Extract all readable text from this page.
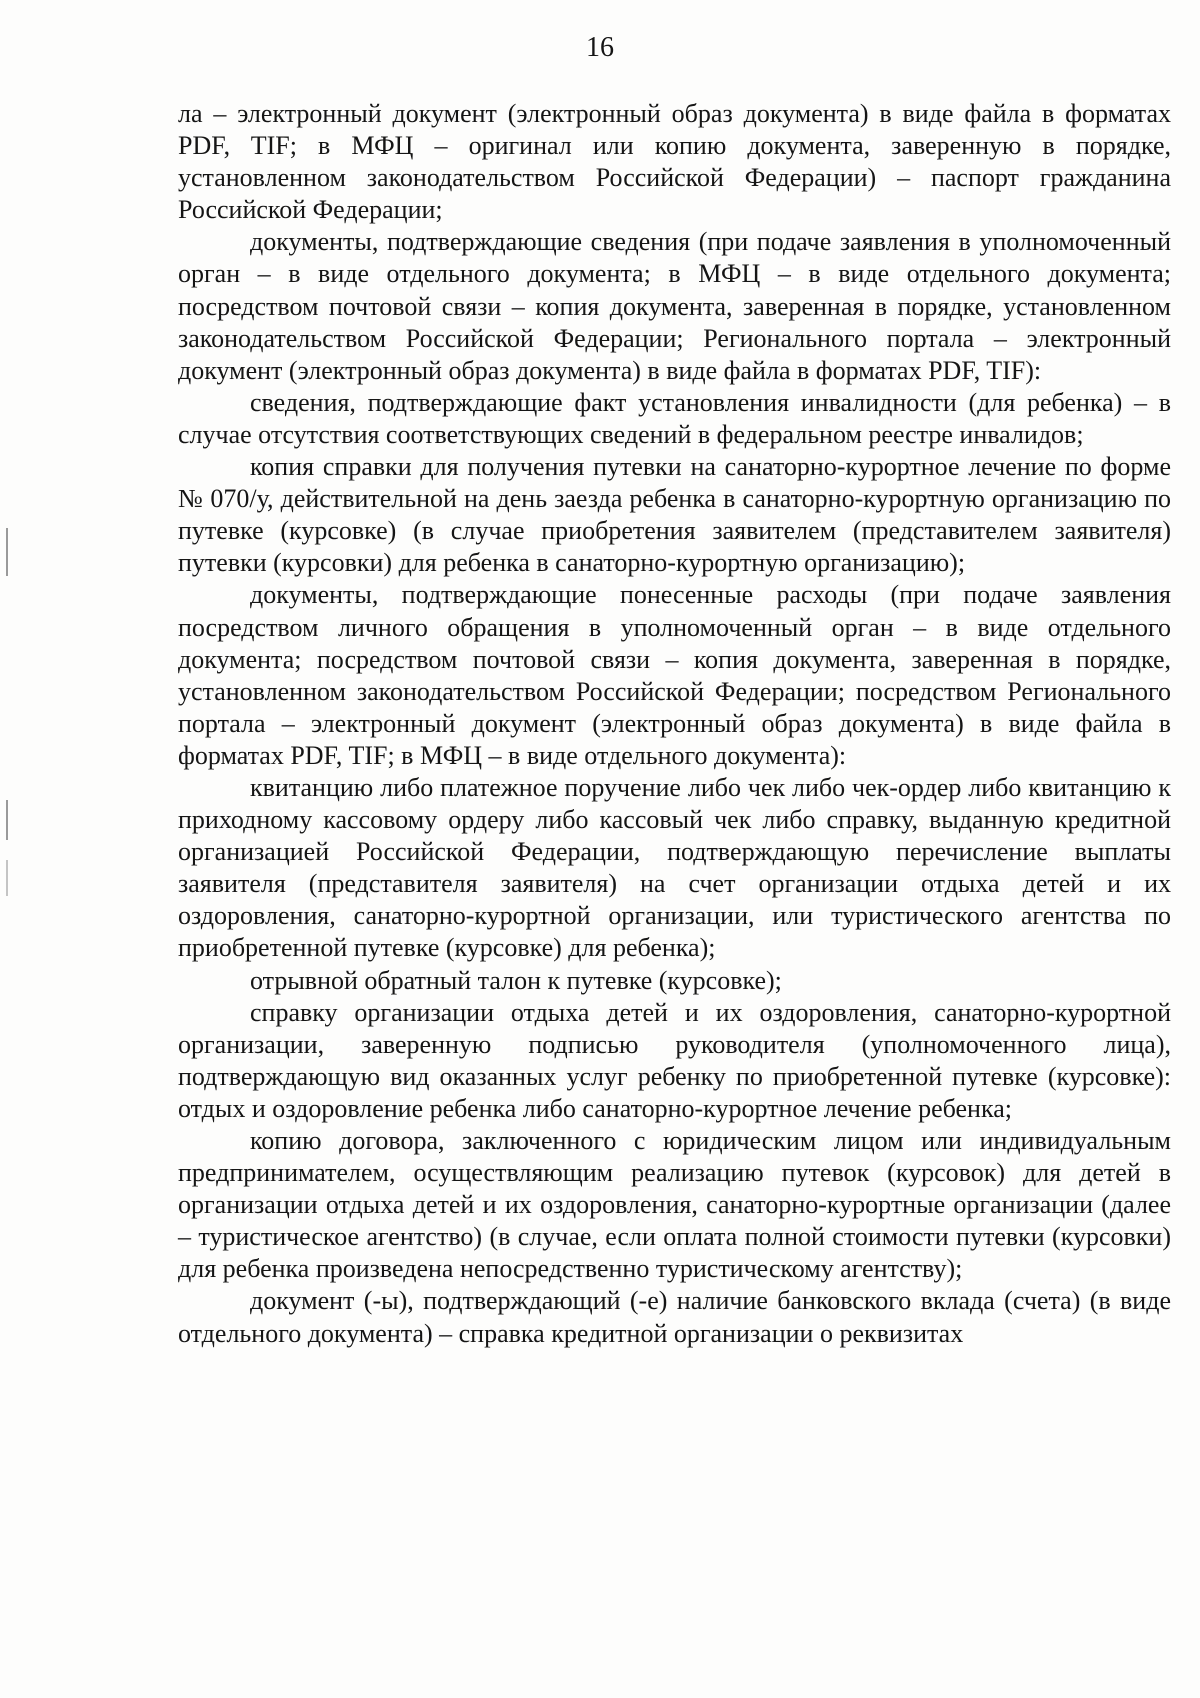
16

ла – электронный документ (электронный образ документа) в виде файла в форматах PDF, TIF; в МФЦ – оригинал или копию документа, заверенную в порядке, установленном законодательством Российской Федерации) – паспорт гражданина Российской Федерации;

документы, подтверждающие сведения (при подаче заявления в уполномоченный орган – в виде отдельного документа; в МФЦ – в виде отдельного документа; посредством почтовой связи – копия документа, заверенная в порядке, установленном законодательством Российской Федерации; Регионального портала – электронный документ (электронный образ документа) в виде файла в форматах PDF, TIF):

сведения, подтверждающие факт установления инвалидности (для ребенка) – в случае отсутствия соответствующих сведений в федеральном реестре инвалидов;

копия справки для получения путевки на санаторно-курортное лечение по форме № 070/у, действительной на день заезда ребенка в санаторно-курортную организацию по путевке (курсовке) (в случае приобретения заявителем (представителем заявителя) путевки (курсовки) для ребенка в санаторно-курортную организацию);

документы, подтверждающие понесенные расходы (при подаче заявления посредством личного обращения в уполномоченный орган – в виде отдельного документа; посредством почтовой связи – копия документа, заверенная в порядке, установленном законодательством Российской Федерации; посредством Регионального портала – электронный документ (электронный образ документа) в виде файла в форматах PDF, TIF; в МФЦ – в виде отдельного документа):

квитанцию либо платежное поручение либо чек либо чек-ордер либо квитанцию к приходному кассовому ордеру либо кассовый чек либо справку, выданную кредитной организацией Российской Федерации, подтверждающую перечисление выплаты заявителя (представителя заявителя) на счет организации отдыха детей и их оздоровления, санаторно-курортной организации, или туристического агентства по приобретенной путевке (курсовке) для ребенка);

отрывной обратный талон к путевке (курсовке);

справку организации отдыха детей и их оздоровления, санаторно-курортной организации, заверенную подписью руководителя (уполномоченного лица), подтверждающую вид оказанных услуг ребенку по приобретенной путевке (курсовке): отдых и оздоровление ребенка либо санаторно-курортное лечение ребенка;

копию договора, заключенного с юридическим лицом или индивидуальным предпринимателем, осуществляющим реализацию путевок (курсовок) для детей в организации отдыха детей и их оздоровления, санаторно-курортные организации (далее – туристическое агентство) (в случае, если оплата полной стоимости путевки (курсовки) для ребенка произведена непосредственно туристическому агентству);

документ (-ы), подтверждающий (-е) наличие банковского вклада (счета) (в виде отдельного документа) – справка кредитной организации о реквизитах
